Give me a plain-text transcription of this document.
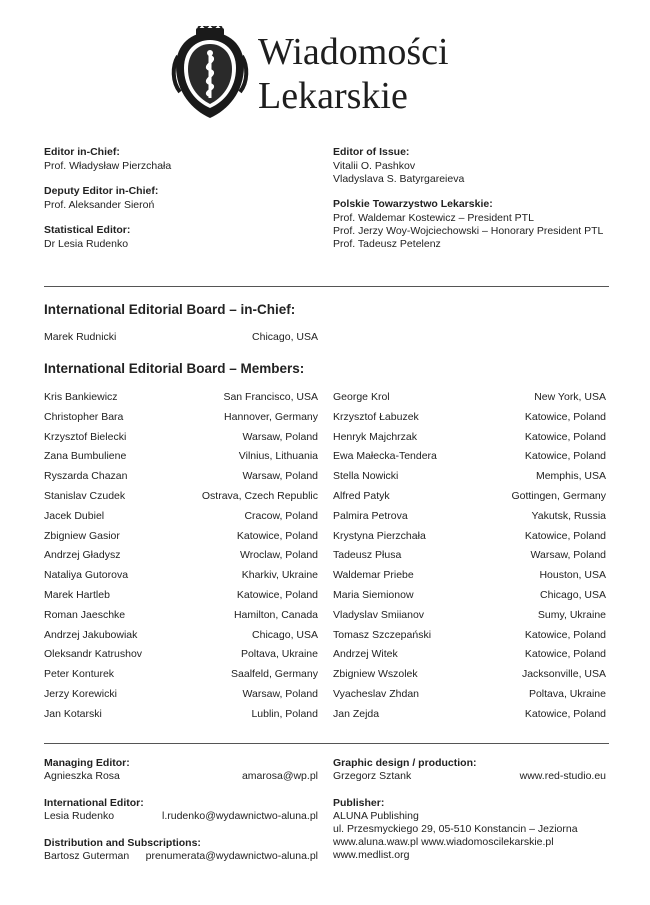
Wiadomości
Lekarskie
Editor in-Chief:
Prof. Władysław Pierzchała
Deputy Editor in-Chief:
Prof. Aleksander Sieroń
Statistical Editor:
Dr Lesia Rudenko
Editor of Issue:
Vitalii O. Pashkov
Vladyslava S. Batyrgareieva
Polskie Towarzystwo Lekarskie:
Prof. Waldemar Kostewicz – President PTL
Prof. Jerzy Woy-Wojciechowski – Honorary President PTL
Prof. Tadeusz Petelenz
International Editorial Board – in-Chief:
Marek Rudnicki	Chicago, USA
International Editorial Board – Members:
Kris Bankiewicz	San Francisco, USA
Christopher Bara	Hannover, Germany
Krzysztof Bielecki	Warsaw, Poland
Zana Bumbuliene	Vilnius, Lithuania
Ryszarda Chazan	Warsaw, Poland
Stanislav Czudek	Ostrava, Czech Republic
Jacek Dubiel	Cracow, Poland
Zbigniew Gasior	Katowice, Poland
Andrzej Gładysz	Wroclaw, Poland
Nataliya Gutorova	Kharkiv, Ukraine
Marek Hartleb	Katowice, Poland
Roman Jaeschke	Hamilton, Canada
Andrzej Jakubowiak	Chicago, USA
Oleksandr Katrushov	Poltava, Ukraine
Peter Konturek	Saalfeld, Germany
Jerzy Korewicki	Warsaw, Poland
Jan Kotarski	Lublin, Poland
George Krol	New York, USA
Krzysztof Łabuzek	Katowice, Poland
Henryk Majchrzak	Katowice, Poland
Ewa Małecka-Tendera	Katowice, Poland
Stella Nowicki	Memphis, USA
Alfred Patyk	Gottingen, Germany
Palmira Petrova	Yakutsk, Russia
Krystyna Pierzchała	Katowice, Poland
Tadeusz Płusa	Warsaw, Poland
Waldemar Priebe	Houston, USA
Maria Siemionow	Chicago, USA
Vladyslav Smiianov	Sumy, Ukraine
Tomasz Szczepański	Katowice, Poland
Andrzej Witek	Katowice, Poland
Zbigniew Wszolek	Jacksonville, USA
Vyacheslav Zhdan	Poltava, Ukraine
Jan Zejda	Katowice, Poland
Managing Editor:
Agnieszka Rosa	amarosa@wp.pl
International Editor:
Lesia Rudenko	l.rudenko@wydawnictwo-aluna.pl
Distribution and Subscriptions:
Bartosz Guterman prenumerata@wydawnictwo-aluna.pl
Graphic design / production:
Grzegorz Sztank	www.red-studio.eu
Publisher:
ALUNA Publishing
ul. Przesmyckiego 29, 05-510 Konstancin – Jeziorna
www.aluna.waw.pl www.wiadomoscilekarskie.pl
www.medlist.org
